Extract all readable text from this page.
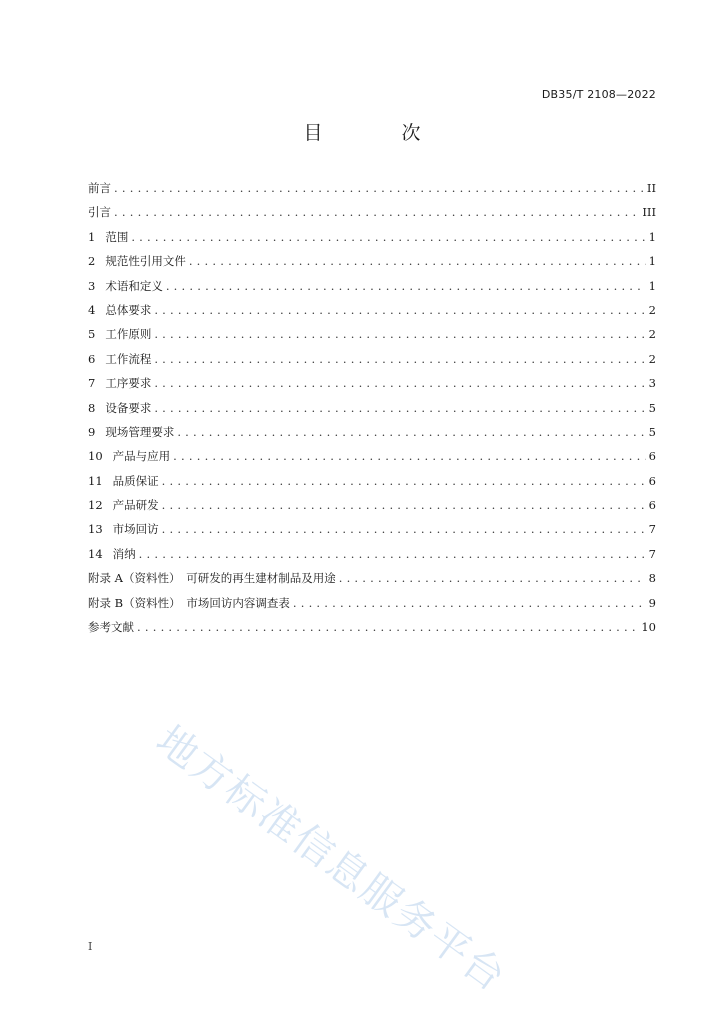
DB35/T 2108—2022
目　次
前言 .....	II
引言 .....	III
1 范围 .....	1
2 规范性引用文件 .....	1
3 术语和定义 .....	1
4 总体要求 .....	2
5 工作原则 .....	2
6 工作流程 .....	2
7 工序要求 .....	3
8 设备要求 .....	5
9 现场管理要求 .....	5
10 产品与应用 .....	6
11 品质保证 .....	6
12 产品研发 .....	6
13 市场回访 .....	7
14 消纳 .....	7
附录 A（资料性）　可研发的再生建材制品及用途 .....	8
附录 B（资料性）　市场回访内容调查表 .....	9
参考文献 .....	10
地方标准信息服务平台
I
